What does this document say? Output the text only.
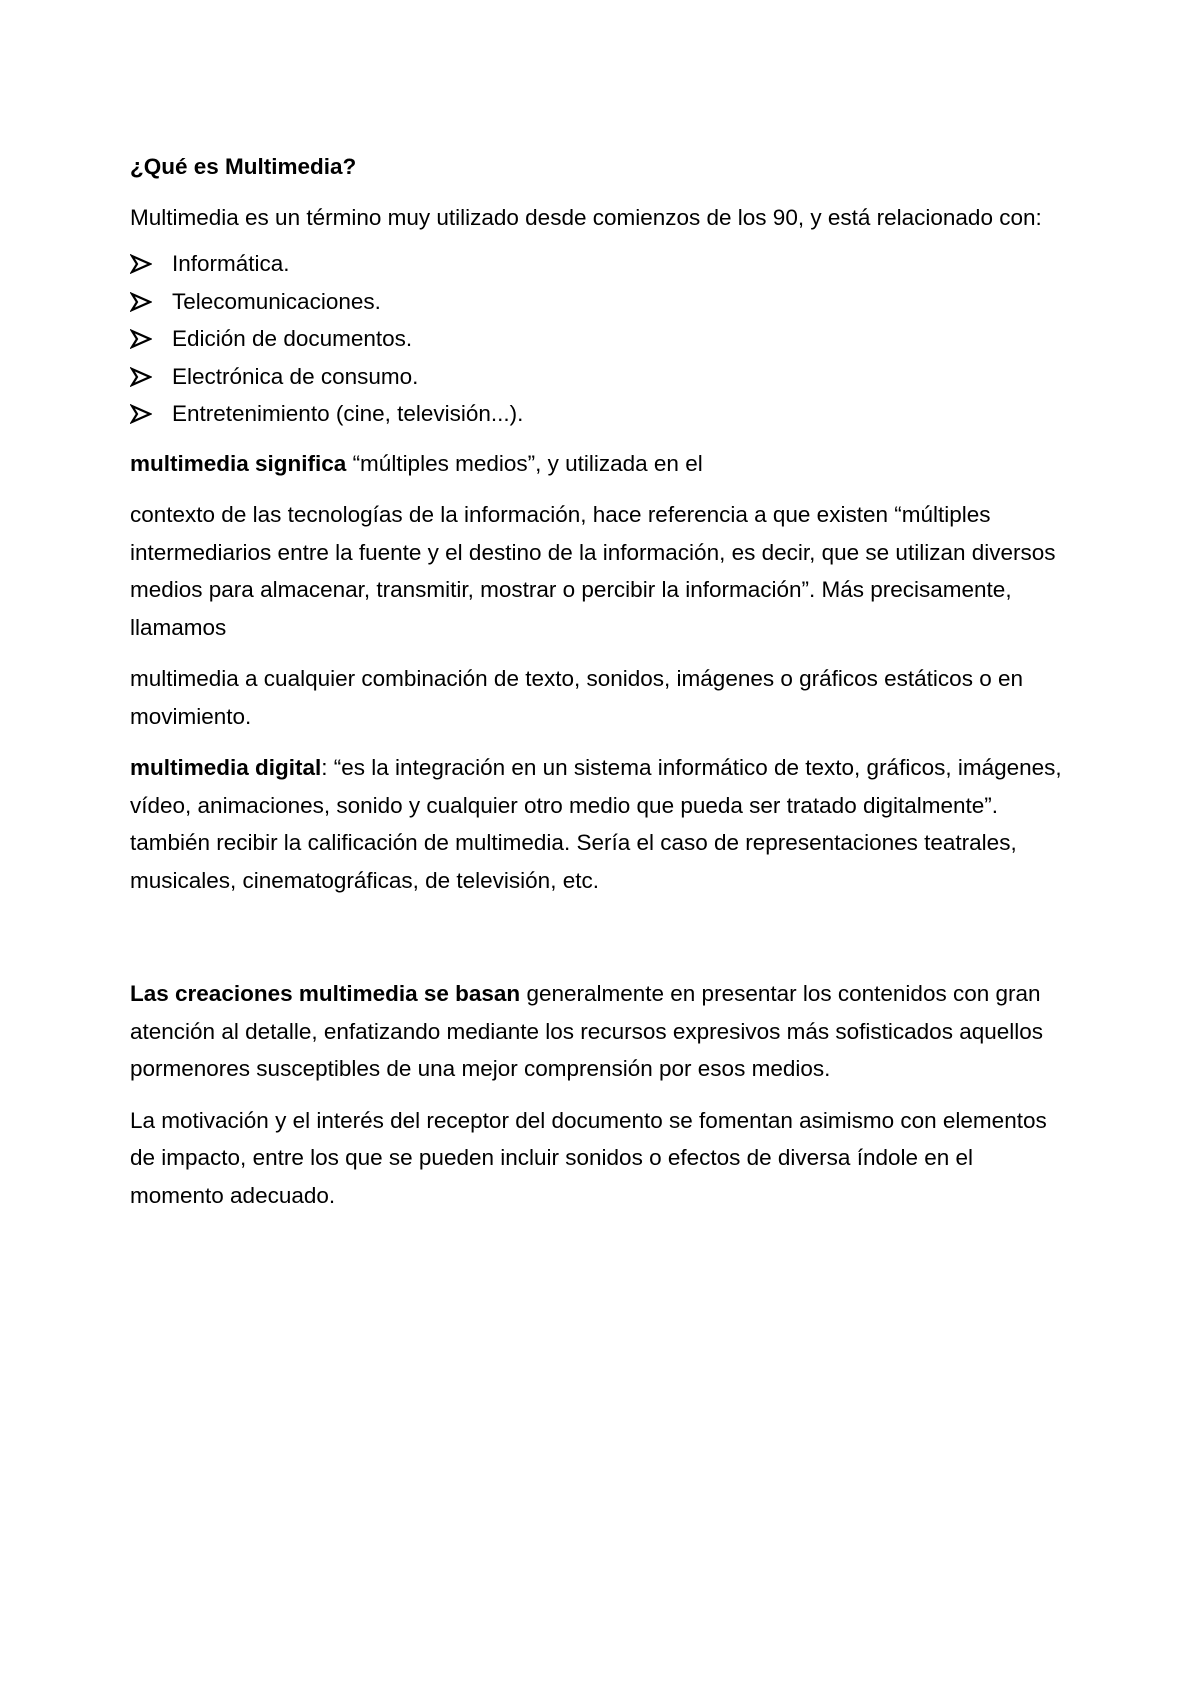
¿Qué es Multimedia?

Multimedia es un término muy utilizado desde comienzos de los 90, y está relacionado con:

Informática.
Telecomunicaciones.
Edición de documentos.
Electrónica de consumo.
Entretenimiento (cine, televisión...).

multimedia significa “múltiples medios”, y utilizada en el

contexto de las tecnologías de la información, hace referencia a que existen “múltiples intermediarios entre la fuente y el destino de la información, es decir, que se utilizan diversos medios para almacenar, transmitir, mostrar o percibir la información”. Más precisamente, llamamos

multimedia a cualquier combinación de texto, sonidos, imágenes o gráficos estáticos o en movimiento.

multimedia digital: “es la integración en un sistema informático de texto, gráficos, imágenes, vídeo, animaciones, sonido y cualquier otro medio que pueda ser tratado digitalmente”. también recibir la calificación de multimedia. Sería el caso de representaciones teatrales, musicales, cinematográficas, de televisión, etc.

Las creaciones multimedia se basan generalmente en presentar los contenidos con gran atención al detalle, enfatizando mediante los recursos expresivos más sofisticados aquellos pormenores susceptibles de una mejor comprensión por esos medios.

La motivación y el interés del receptor del documento se fomentan asimismo con elementos de impacto, entre los que se pueden incluir sonidos o efectos de diversa índole en el momento adecuado.
